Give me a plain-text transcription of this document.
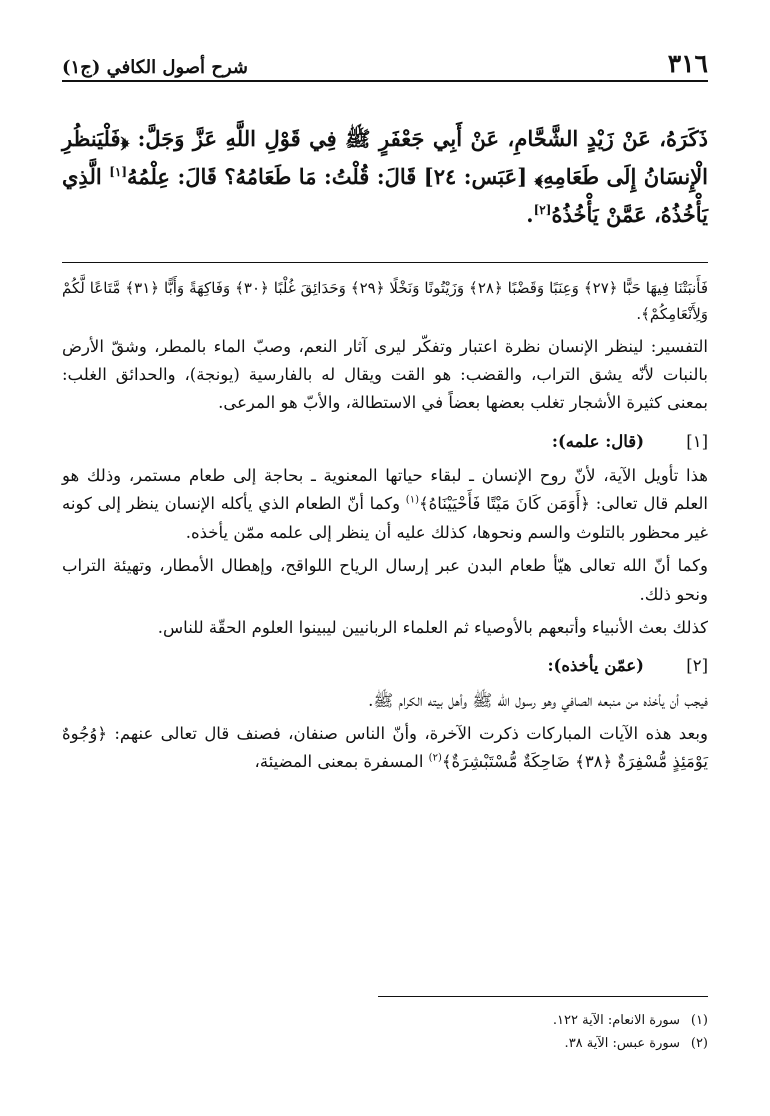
٣١٦
شرح أصول الكافي (ج١)
ذَكَرَهُ، عَنْ زَيْدٍ الشَّحَّامِ، عَنْ أَبِي جَعْفَرٍ ﷺ فِي قَوْلِ اللَّهِ عَزَّ وَجَلَّ: ﴿فَلْيَنظُرِ الْإِنسَانُ إِلَى طَعَامِهِ﴾ [عَبَس: ٢٤] قَالَ: قُلْتُ: مَا طَعَامُهُ؟ قَالَ: عِلْمُهُ[١] الَّذِي يَأْخُذُهُ، عَمَّنْ يَأْخُذُهُ[٢].

فَأَنبَتْنَا فِيهَا حَبًّا ﴿٢٧﴾ وَعِنَبًا وَقَضْبًا ﴿٢٨﴾ وَزَيْتُونًا وَنَخْلًا ﴿٢٩﴾ وَحَدَائِقَ غُلْبًا ﴿٣٠﴾ وَفَاكِهَةً وَأَبًّا ﴿٣١﴾ مَّتَاعًا لَّكُمْ وَلِأَنْعَامِكُمْ﴾.

التفسير: لينظر الإنسان نظرة اعتبار وتفكّر ليرى آثار النعم، وصبّ الماء بالمطر، وشقّ الأرض بالنبات لأنّه يشق التراب، والقضب: هو القت ويقال له بالفارسية (يونجة)، والحدائق الغلب: بمعنى كثيرة الأشجار تغلب بعضها بعضاً في الاستطالة، والأبّ هو المرعى.

[١]
(قال: علمه):

هذا تأويل الآية، لأنّ روح الإنسان ـ لبقاء حياتها المعنوية ـ بحاجة إلى طعام مستمر، وذلك هو العلم قال تعالى: ﴿أَوَمَن كَانَ مَيْتًا فَأَحْيَيْنَاهُ﴾$^{(١)}$ وكما أنّ الطعام الذي يأكله الإنسان ينظر إلى كونه غير محظور بالتلوث والسم ونحوها، كذلك عليه أن ينظر إلى علمه ممّن يأخذه.

وكما أنّ الله تعالى هيّأ طعام البدن عبر إرسال الرياح اللواقح، وإهطال الأمطار، وتهيئة التراب ونحو ذلك.

كذلك بعث الأنبياء وأتبعهم بالأوصياء ثم العلماء الربانيين ليبينوا العلوم الحقّة للناس.

[٢]
(عمّن يأخذه):

فيجب أن يأخذه من منبعه الصافي وهو رسول الله ﷺ وأهل بيته الكرام ﷺ.

وبعد هذه الآيات المباركات ذكرت الآخرة، وأنّ الناس صنفان، فصنف قال تعالى عنهم: ﴿وُجُوهٌ يَوْمَئِذٍ مُّسْفِرَةٌ ﴿٣٨﴾ ضَاحِكَةٌ مُّسْتَبْشِرَةٌ﴾$^{(٢)}$ المسفرة بمعنى المضيئة،

(١)
سورة الانعام: الآية ١٢٢.
(٢)
سورة عبس: الآية ٣٨.
